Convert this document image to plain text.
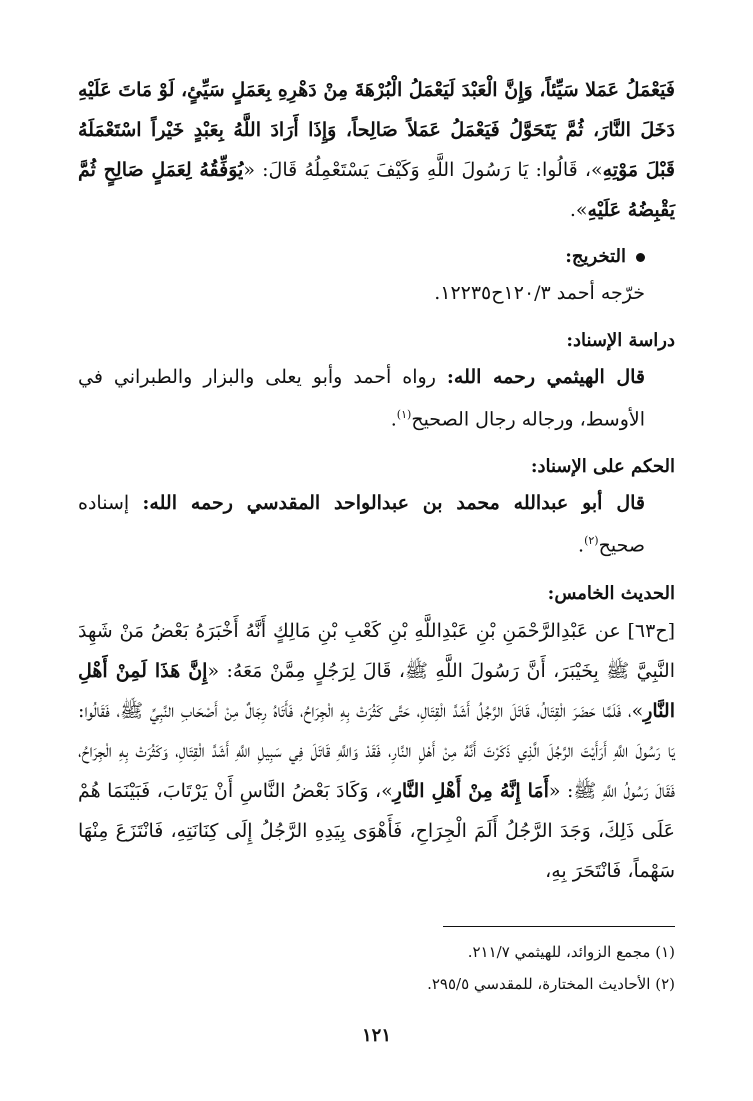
فَيَعْمَلُ عَمَلا سَيِّئاً، وَإِنَّ الْعَبْدَ لَيَعْمَلُ الْبُرْهَةَ مِنْ دَهْرِهِ بِعَمَلٍ سَيِّئٍ، لَوْ مَاتَ عَلَيْهِ دَخَلَ النَّارَ، ثُمَّ يَتَحَوَّلُ فَيَعْمَلُ عَمَلاً صَالِحاً، وَإِذَا أَرَادَ اللَّهُ بِعَبْدٍ خَيْراً اسْتَعْمَلَهُ قَبْلَ مَوْتِهِ»، قَالُوا: يَا رَسُولَ اللَّهِ وَكَيْفَ يَسْتَعْمِلُهُ قَالَ: «يُوَفِّقُهُ لِعَمَلٍ صَالِحٍ ثُمَّ يَقْبِضُهُ عَلَيْهِ».

التخريج:

خرّجه أحمد ١٢٠/٣ح١٢٢٣٥.

دراسة الإسناد:

قال الهيثمي رحمه الله: رواه أحمد وأبو يعلى والبزار والطبراني في الأوسط، ورجاله رجال الصحيح$^{(١)}$.

الحكم على الإسناد:

قال أبو عبدالله محمد بن عبدالواحد المقدسي رحمه الله: إسناده صحيح$^{(٢)}$.

الحديث الخامس:

[ح٦٣] عن عَبْدِالرَّحْمَنِ بْنِ عَبْدِاللَّهِ بْنِ كَعْبِ بْنِ مَالِكٍ أَنَّهُ أَخْبَرَهُ بَعْضُ مَنْ شَهِدَ النَّبِيَّ ﷺ بِخَيْبَرَ، أَنَّ رَسُولَ اللَّهِ ﷺ، قَالَ لِرَجُلٍ مِمَّنْ مَعَهُ: «إِنَّ هَذَا لَمِنْ أَهْلِ النَّارِ»، فَلَمَّا حَضَرَ الْقِتَالُ، قَاتَلَ الرَّجُلُ أَشَدَّ الْقِتَالِ، حَتَّى كَثُرَتْ بِهِ الْجِرَاحُ، فَأَتَاهُ رِجَالٌ مِنْ أَصْحَابِ النَّبِيِّ ﷺ، فَقَالُوا: يَا رَسُولَ اللَّهِ أَرَأَيْتَ الرَّجُلَ الَّذِي ذَكَرْتَ أَنَّهُ مِنْ أَهْلِ النَّارِ، فَقَدْ وَاللَّهِ قَاتَلَ فِي سَبِيلِ اللَّهِ أَشَدَّ الْقِتَالِ، وَكَثُرَتْ بِهِ الْجِرَاحُ، فَقَالَ رَسُولُ اللَّهِ ﷺ: «أَمَا إِنَّهُ مِنْ أَهْلِ النَّارِ»، وَكَادَ بَعْضُ النَّاسِ أَنْ يَرْتَابَ، فَبَيْنَمَا هُمْ عَلَى ذَلِكَ، وَجَدَ الرَّجُلُ أَلَمَ الْجِرَاحِ، فَأَهْوَى بِيَدِهِ الرَّجُلُ إِلَى كِنَانَتِهِ، فَانْتَزَعَ مِنْهَا سَهْماً، فَانْتَحَرَ بِهِ،

(١) مجمع الزوائد، للهيثمي ٢١١/٧.

(٢) الأحاديث المختارة، للمقدسي ٢٩٥/٥.

١٢١
